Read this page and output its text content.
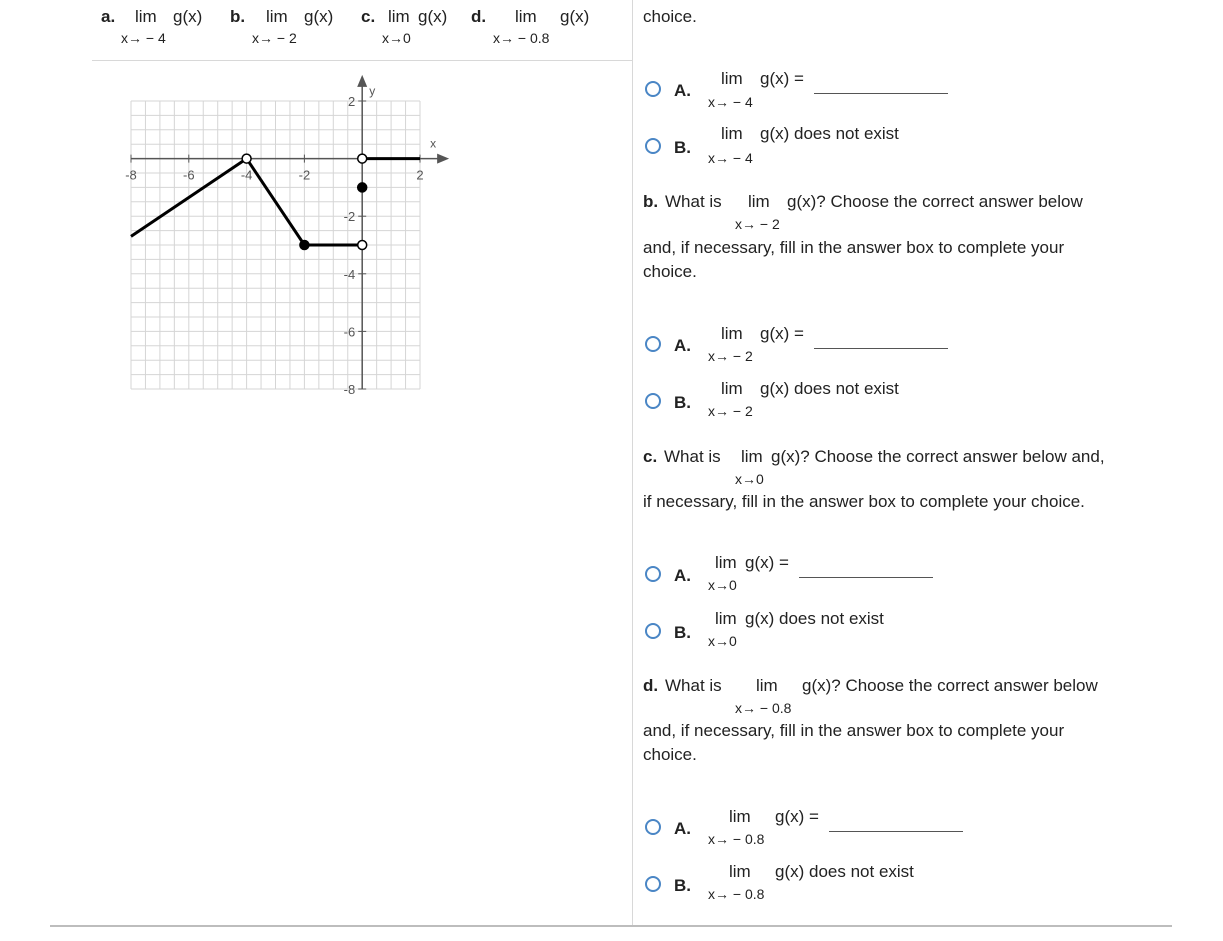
a. lim g(x)
x→ − 4
b. lim g(x)
x→ − 2
c. lim g(x)
x→0
d. lim g(x)
x→ − 0.8
x
y
-8	-6	-4	-2	2
2
-2
-4
-6
-8
choice.
A.
lim g(x) =
x→ − 4
B.
lim g(x) does not exist
x→ − 4
b. What is lim g(x)? Choose the correct answer below
x→ − 2
and, if necessary, fill in the answer box to complete your
choice.
A.
lim g(x) =
x→ − 2
B.
lim g(x) does not exist
x→ − 2
c. What is lim g(x)? Choose the correct answer below and,
x→0
if necessary, fill in the answer box to complete your choice.
A.
lim g(x) =
x→0
B.
lim g(x) does not exist
x→0
d. What is lim g(x)? Choose the correct answer below
x→ − 0.8
and, if necessary, fill in the answer box to complete your
choice.
A.
lim g(x) =
x→ − 0.8
B.
lim g(x) does not exist
x→ − 0.8
